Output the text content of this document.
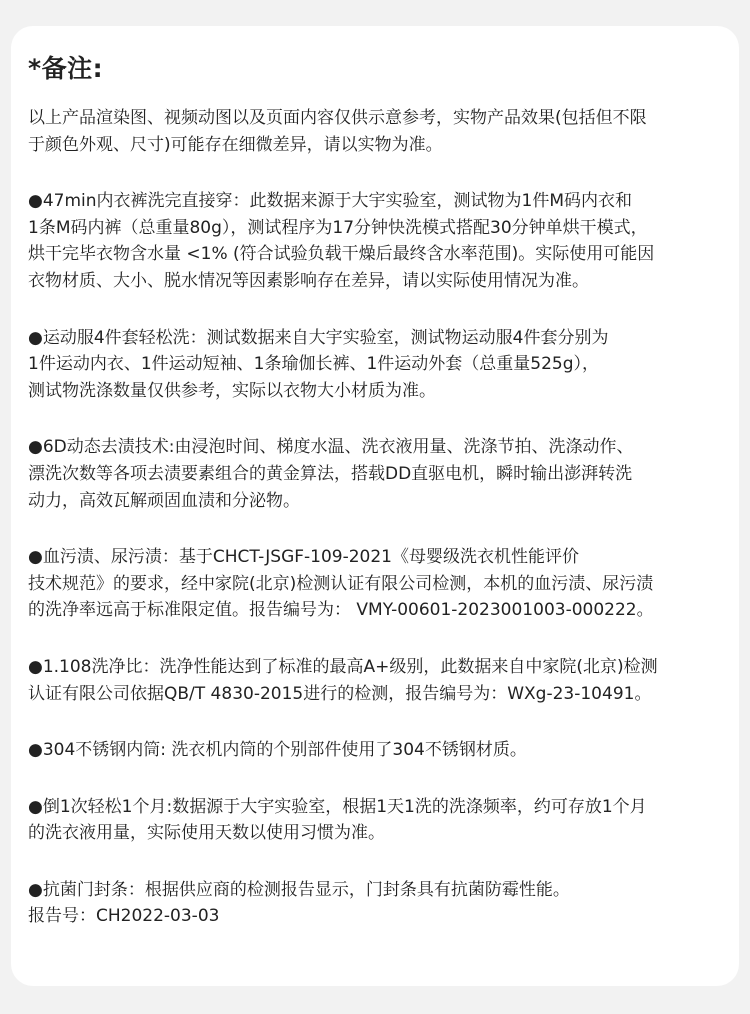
*备注:
以上产品渲染图、视频动图以及页面内容仅供示意参考，实物产品效果(包括但不限
于颜色外观、尺寸)可能存在细微差异，请以实物为准。
●47min内衣裤洗完直接穿：此数据来源于大宇实验室，测试物为1件M码内衣和
1条M码内裤（总重量80g），测试程序为17分钟快洗模式搭配30分钟单烘干模式，
烘干完毕衣物含水量 <1% (符合试验负载干燥后最终含水率范围)。实际使用可能因
衣物材质、大小、脱水情况等因素影响存在差异，请以实际使用情况为准。
●运动服4件套轻松洗：测试数据来自大宇实验室，测试物运动服4件套分别为
1件运动内衣、1件运动短袖、1条瑜伽长裤、1件运动外套（总重量525g），
测试物洗涤数量仅供参考，实际以衣物大小材质为准。
●6D动态去渍技术:由浸泡时间、梯度水温、洗衣液用量、洗涤节拍、洗涤动作、
漂洗次数等各项去渍要素组合的黄金算法，搭载DD直驱电机，瞬时输出澎湃转洗
动力，高效瓦解顽固血渍和分泌物。
●血污渍、尿污渍：基于CHCT-JSGF-109-2021《母婴级洗衣机性能评价
技术规范》的要求，经中家院(北京)检测认证有限公司检测，本机的血污渍、尿污渍
的洗净率远高于标准限定值。报告编号为： VMY-00601-2023001003-000222。
●1.108洗净比：洗净性能达到了标准的最高A+级别，此数据来自中家院(北京)检测
认证有限公司依据QB/T 4830-2015进行的检测，报告编号为：WXg-23-10491。
●304不锈钢内筒: 洗衣机内筒的个别部件使用了304不锈钢材质。
●倒1次轻松1个月:数据源于大宇实验室，根据1天1洗的洗涤频率，约可存放1个月
的洗衣液用量，实际使用天数以使用习惯为准。
●抗菌门封条：根据供应商的检测报告显示，门封条具有抗菌防霉性能。
报告号：CH2022-03-03
